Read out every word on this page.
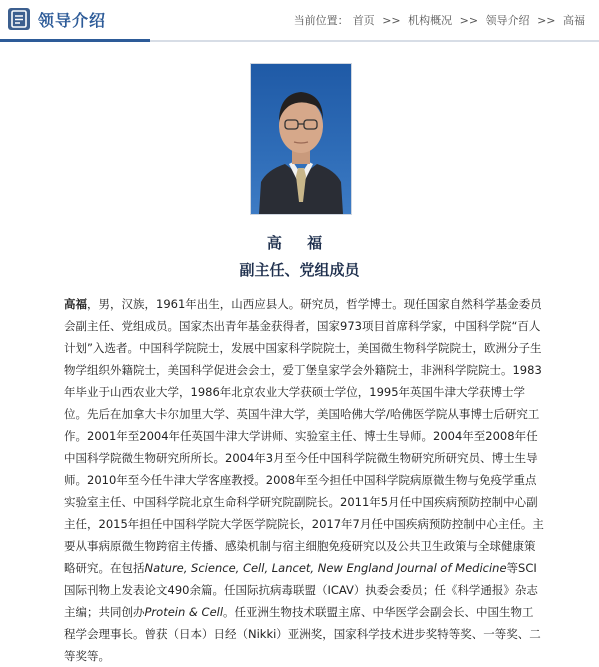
领导介绍	当前位置： 首页 >> 机构概况 >> 领导介绍 >> 高福
高 福
副主任、党组成员
高福，男，汉族，1961年出生，山西应县人。研究员，哲学博士。现任国家自然科学基金委员会副主任、党组成员。国家杰出青年基金获得者，国家973项目首席科学家，中国科学院“百人计划”入选者。中国科学院院士，发展中国家科学院院士，美国微生物科学院院士，欧洲分子生物学组织外籍院士，美国科学促进会会士，爱丁堡皇家学会外籍院士，非洲科学院院士。1983年毕业于山西农业大学，1986年北京农业大学获硕士学位，1995年英国牛津大学获博士学位。先后在加拿大卡尔加里大学、英国牛津大学，美国哈佛大学/哈佛医学院从事博士后研究工作。2001年至2004年任英国牛津大学讲师、实验室主任、博士生导师。2004年至2008年任中国科学院微生物研究所所长。2004年3月至今任中国科学院微生物研究所研究员、博士生导师。2010年至今任牛津大学客座教授。2008年至今担任中国科学院病原微生物与免疫学重点实验室主任、中国科学院北京生命科学研究院副院长。2011年5月任中国疾病预防控制中心副主任，2015年担任中国科学院大学医学院院长，2017年7月任中国疾病预防控制中心主任。主要从事病原微生物跨宿主传播、感染机制与宿主细胞免疫研究以及公共卫生政策与全球健康策略研究。在包括Nature, Science, Cell, Lancet, New England Journal of Medicine等SCI国际刊物上发表论文490余篇。任国际抗病毒联盟（ICAV）执委会委员；任《科学通报》杂志主编；共同创办Protein & Cell。任亚洲生物技术联盟主席、中华医学会副会长、中国生物工程学会理事长。曾获（日本）日经（Nikki）亚洲奖，国家科学技术进步奖特等奖、一等奖、二等奖等。
